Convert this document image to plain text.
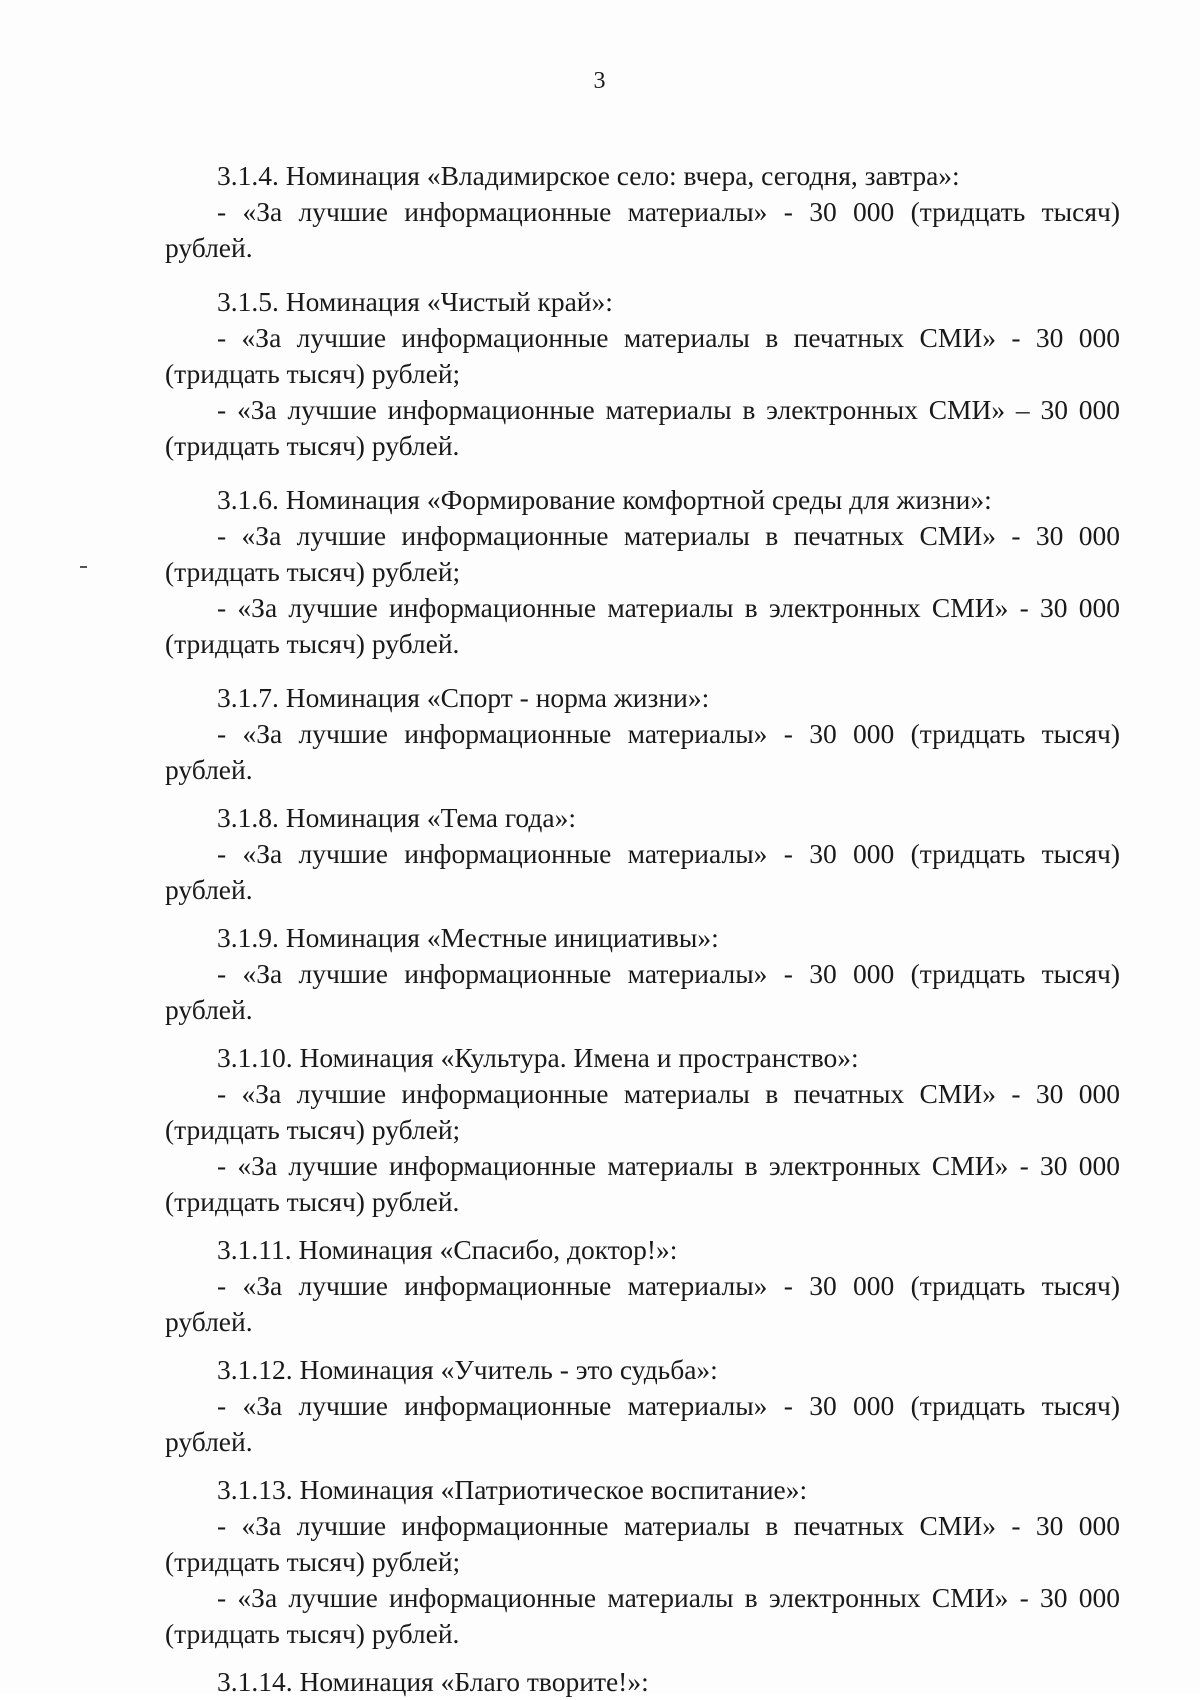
3

3.1.4. Номинация «Владимирское село: вчера, сегодня, завтра»:

- «За лучшие информационные материалы» - 30 000 (тридцать тысяч) рублей.

3.1.5. Номинация «Чистый край»:

- «За лучшие информационные материалы в печатных СМИ» - 30 000 (тридцать тысяч) рублей;

- «За лучшие информационные материалы в электронных СМИ» – 30 000 (тридцать тысяч) рублей.

3.1.6. Номинация «Формирование комфортной среды для жизни»:

- «За лучшие информационные материалы в печатных СМИ» - 30 000 (тридцать тысяч) рублей;

- «За лучшие информационные материалы в электронных СМИ» - 30 000 (тридцать тысяч) рублей.

3.1.7. Номинация «Спорт - норма жизни»:

- «За лучшие информационные материалы» - 30 000 (тридцать тысяч) рублей.

3.1.8. Номинация «Тема года»:

- «За лучшие информационные материалы» - 30 000 (тридцать тысяч) рублей.

3.1.9. Номинация «Местные инициативы»:

- «За лучшие информационные материалы» - 30 000 (тридцать тысяч) рублей.

3.1.10. Номинация «Культура. Имена и пространство»:

- «За лучшие информационные материалы в печатных СМИ» - 30 000 (тридцать тысяч) рублей;

- «За лучшие информационные материалы в электронных СМИ» - 30 000 (тридцать тысяч) рублей.

3.1.11. Номинация «Спасибо, доктор!»:

- «За лучшие информационные материалы» - 30 000 (тридцать тысяч) рублей.

3.1.12. Номинация «Учитель - это судьба»:

- «За лучшие информационные материалы» - 30 000 (тридцать тысяч) рублей.

3.1.13. Номинация «Патриотическое воспитание»:

- «За лучшие информационные материалы в печатных СМИ» - 30 000 (тридцать тысяч) рублей;

- «За лучшие информационные материалы в электронных СМИ» - 30 000 (тридцать тысяч) рублей.

3.1.14. Номинация «Благо творите!»:
